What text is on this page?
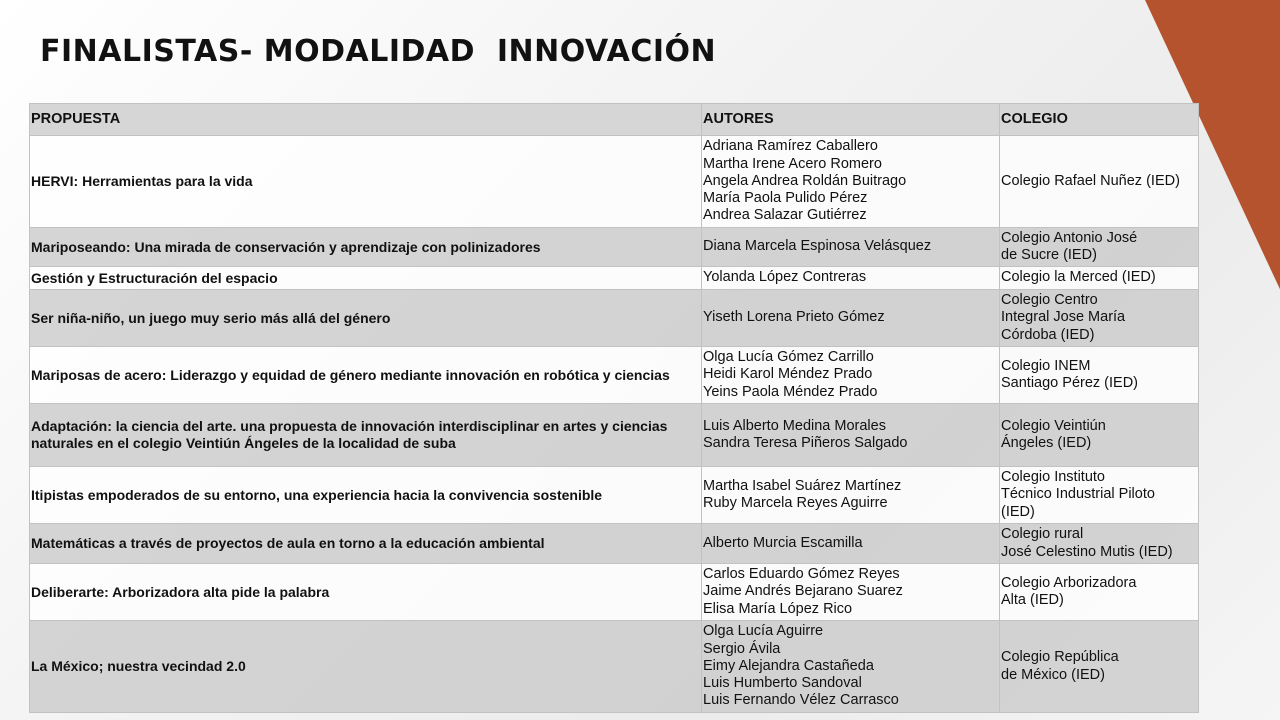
FINALISTAS- MODALIDAD  INNOVACIÓN
PROPUESTA	AUTORES	COLEGIO
HERVI: Herramientas para la vida	Adriana Ramírez Caballero
Martha Irene Acero Romero
Angela Andrea Roldán Buitrago
María Paola Pulido Pérez
Andrea Salazar Gutiérrez	Colegio Rafael Nuñez (IED)

Mariposeando: Una mirada de conservación y aprendizaje con polinizadores	Diana Marcela Espinosa Velásquez	Colegio Antonio José
de Sucre (IED)

Gestión y Estructuración del espacio	Yolanda López Contreras	Colegio la Merced (IED)

Ser niña-niño, un juego muy serio más allá del género	Yiseth Lorena Prieto Gómez	Colegio Centro
Integral Jose María
Córdoba (IED)

Mariposas de acero: Liderazgo y equidad de género mediante innovación en robótica y ciencias	Olga Lucía Gómez Carrillo
Heidi Karol Méndez Prado
Yeins Paola Méndez Prado	Colegio INEM
Santiago Pérez (IED)

Adaptación: la ciencia del arte. una propuesta de innovación interdisciplinar en artes y ciencias naturales en el colegio Veintiún Ángeles de la localidad de suba	Luis Alberto Medina Morales
Sandra Teresa Piñeros Salgado	Colegio Veintiún
Ángeles (IED)

Itipistas empoderados de su entorno, una experiencia hacia la convivencia sostenible	Martha Isabel Suárez Martínez
Ruby Marcela Reyes Aguirre	Colegio Instituto
Técnico Industrial Piloto
(IED)

Matemáticas a través de proyectos de aula en torno a la educación ambiental	Alberto Murcia Escamilla	Colegio rural
José Celestino Mutis (IED)

Deliberarte: Arborizadora alta pide la palabra	Carlos Eduardo Gómez Reyes
Jaime Andrés Bejarano Suarez
Elisa María López Rico	Colegio Arborizadora
Alta (IED)

La México; nuestra vecindad 2.0	Olga Lucía Aguirre
Sergio Ávila
Eimy Alejandra Castañeda
Luis Humberto Sandoval
Luis Fernando Vélez Carrasco	Colegio República
de México (IED)
